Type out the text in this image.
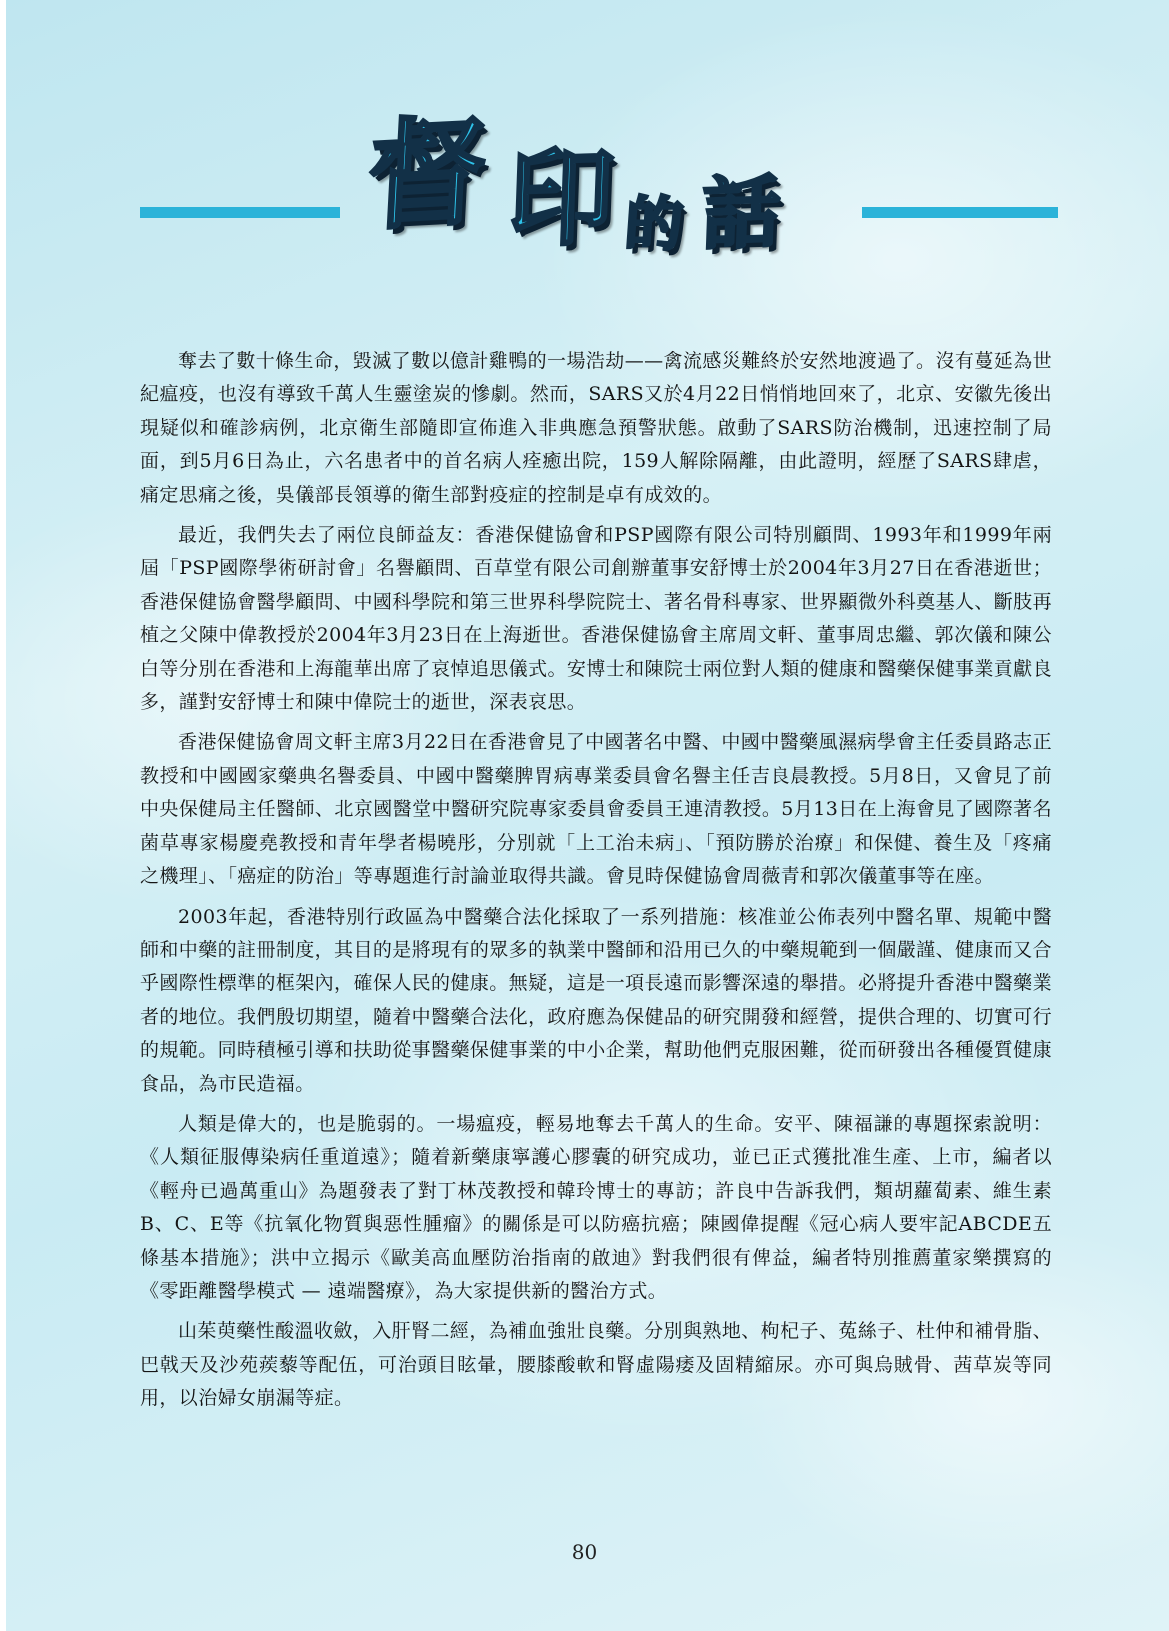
督 印 的 話

奪去了數十條生命，毀滅了數以億計雞鴨的一場浩劫——禽流感災難終於安然地渡過了。沒有蔓延為世紀瘟疫，也沒有導致千萬人生靈塗炭的慘劇。然而，SARS又於4月22日悄悄地回來了，北京、安徽先後出現疑似和確診病例，北京衛生部隨即宣佈進入非典應急預警狀態。啟動了SARS防治機制，迅速控制了局面，到5月6日為止，六名患者中的首名病人痊癒出院，159人解除隔離，由此證明，經歷了SARS肆虐，痛定思痛之後，吳儀部長領導的衛生部對疫症的控制是卓有成效的。

最近，我們失去了兩位良師益友：香港保健協會和PSP國際有限公司特別顧問、1993年和1999年兩屆「PSP國際學術研討會」名譽顧問、百草堂有限公司創辦董事安舒博士於2004年3月27日在香港逝世；香港保健協會醫學顧問、中國科學院和第三世界科學院院士、著名骨科專家、世界顯微外科奠基人、斷肢再植之父陳中偉教授於2004年3月23日在上海逝世。香港保健協會主席周文軒、董事周忠繼、郭次儀和陳公白等分別在香港和上海龍華出席了哀悼追思儀式。安博士和陳院士兩位對人類的健康和醫藥保健事業貢獻良多，謹對安舒博士和陳中偉院士的逝世，深表哀思。

香港保健協會周文軒主席3月22日在香港會見了中國著名中醫、中國中醫藥風濕病學會主任委員路志正教授和中國國家藥典名譽委員、中國中醫藥脾胃病專業委員會名譽主任吉良晨教授。5月8日，又會見了前中央保健局主任醫師、北京國醫堂中醫研究院專家委員會委員王連清教授。5月13日在上海會見了國際著名菌草專家楊慶堯教授和青年學者楊曉彤，分別就「上工治未病」、「預防勝於治療」和保健、養生及「疼痛之機理」、「癌症的防治」等專題進行討論並取得共識。會見時保健協會周薇青和郭次儀董事等在座。

2003年起，香港特別行政區為中醫藥合法化採取了一系列措施：核准並公佈表列中醫名單、規範中醫師和中藥的註冊制度，其目的是將現有的眾多的執業中醫師和沿用已久的中藥規範到一個嚴謹、健康而又合乎國際性標準的框架內，確保人民的健康。無疑，這是一項長遠而影響深遠的舉措。必將提升香港中醫藥業者的地位。我們殷切期望，隨着中醫藥合法化，政府應為保健品的研究開發和經營，提供合理的、切實可行的規範。同時積極引導和扶助從事醫藥保健事業的中小企業，幫助他們克服困難，從而研發出各種優質健康食品，為市民造福。

人類是偉大的，也是脆弱的。一場瘟疫，輕易地奪去千萬人的生命。安平、陳福謙的專題探索說明：《人類征服傳染病任重道遠》；隨着新藥康寧護心膠囊的研究成功，並已正式獲批准生產、上市，編者以《輕舟已過萬重山》為題發表了對丁林茂教授和韓玲博士的專訪；許良中告訴我們，類胡蘿蔔素、維生素B、C、E等《抗氧化物質與惡性腫瘤》的關係是可以防癌抗癌；陳國偉提醒《冠心病人要牢記ABCDE五條基本措施》；洪中立揭示《歐美高血壓防治指南的啟迪》對我們很有俾益，編者特別推薦董家樂撰寫的《零距離醫學模式 — 遠端醫療》，為大家提供新的醫治方式。

山茱萸藥性酸溫收斂，入肝腎二經，為補血強壯良藥。分別與熟地、枸杞子、菟絲子、杜仲和補骨脂、巴戟天及沙苑蒺藜等配伍，可治頭目眩暈，腰膝酸軟和腎虛陽痿及固精縮尿。亦可與烏賊骨、茜草炭等同用，以治婦女崩漏等症。

80
